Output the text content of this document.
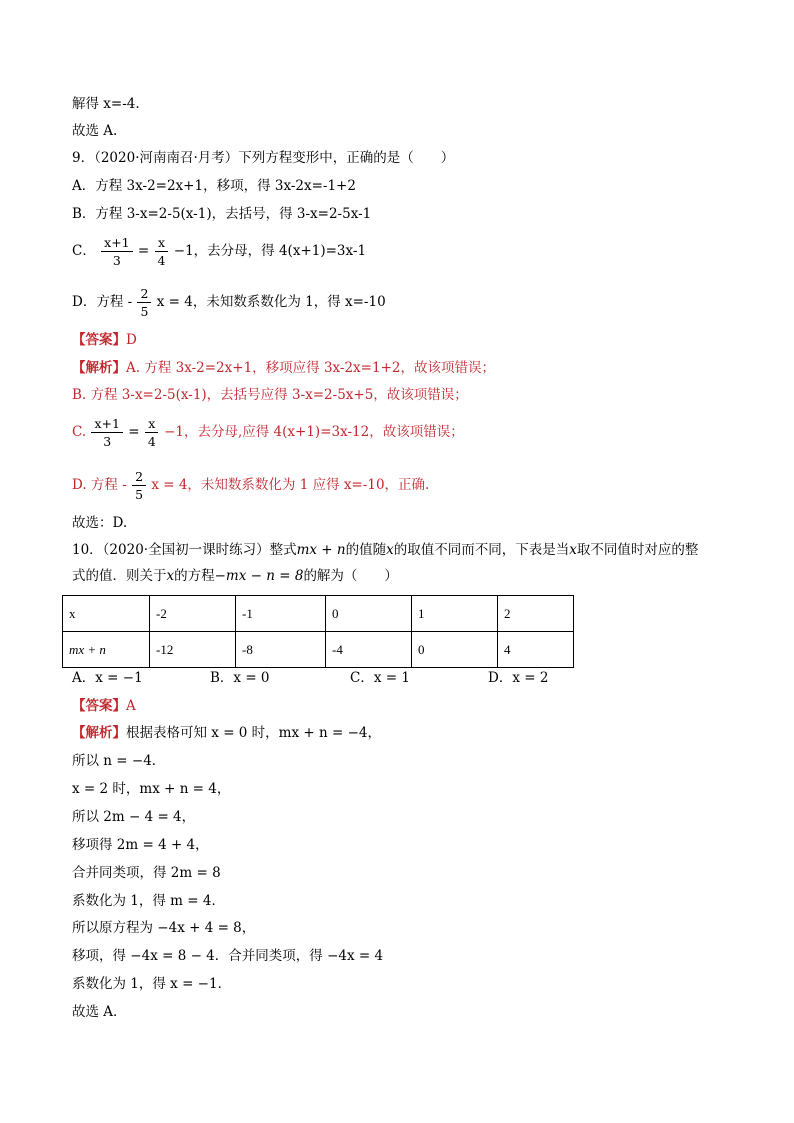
解得 x=-4.
故选 A.
9．（2020·河南南召·月考）下列方程变形中，正确的是（　　）
A．方程 3x-2=2x+1，移项，得 3x-2x=-1+2
B．方程 3-x=2-5(x-1)，去括号，得 3-x=2-5x-1
C． $\frac{x+1}{3} = \frac{x}{4} -1$，去分母，得 4(x+1)=3x-1
D．方程 - $\frac{2}{5}$ x = 4，未知数系数化为 1，得 x=-10
【答案】D
【解析】A. 方程 3x-2=2x+1，移项应得 3x-2x=1+2，故该项错误；
B. 方程 3-x=2-5(x-1)，去括号应得 3-x=2-5x+5，故该项错误；
C. $\frac{x+1}{3} = \frac{x}{4} -1$，去分母,应得 4(x+1)=3x-12，故该项错误；
D. 方程 - $\frac{2}{5}$ x = 4，未知数系数化为 1 应得 x=-10，正确.
故选：D.
10．（2020·全国初一课时练习）整式mx + n的值随x的取值不同而不同，下表是当x取不同值时对应的整
式的值．则关于x的方程−mx − n = 8的解为（　　）
x	-2	-1	0	1	2
mx + n	-12	-8	-4	0	4
A．x = −1	B．x = 0	C．x = 1	D．x = 2
【答案】A
【解析】根据表格可知 x = 0 时，mx + n = −4，
所以 n = −4．
x = 2 时，mx + n = 4，
所以 2m − 4 = 4，
移项得 2m = 4 + 4，
合并同类项，得 2m = 8
系数化为 1，得 m = 4．
所以原方程为 −4x + 4 = 8，
移项，得 −4x = 8 − 4．合并同类项，得 −4x = 4
系数化为 1，得 x = −1．
故选 A．
